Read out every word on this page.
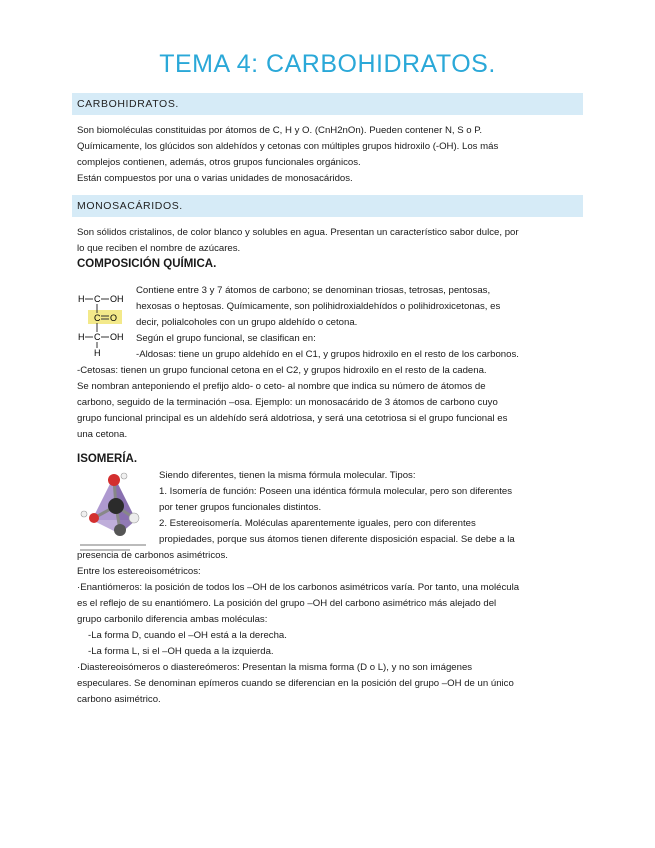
TEMA 4: CARBOHIDRATOS.
CARBOHIDRATOS.

Son biomoléculas constituidas por átomos de C, H y O. (CnH2nOn). Pueden contener N, S o P.

Químicamente, los glúcidos son aldehídos y cetonas con múltiples grupos hidroxilo (-OH). Los más

complejos contienen, además, otros grupos funcionales orgánicos.

Están compuestos por una o varias unidades de monosacáridos.

MONOSACÁRIDOS.

Son sólidos cristalinos, de color blanco y solubles en agua. Presentan un característico sabor dulce, por

lo que reciben el nombre de azúcares.

COMPOSICIÓN QUÍMICA.
H C OH
C O
H C OH
H

Contiene entre 3 y 7 átomos de carbono; se denominan triosas, tetrosas, pentosas,

hexosas o heptosas. Químicamente, son polihidroxialdehídos o polihidroxicetonas, es

decir, polialcoholes con un grupo aldehído o cetona.

Según el grupo funcional, se clasifican en:

-Aldosas: tiene un grupo aldehído en el C1, y grupos hidroxilo en el resto de los carbonos.

-Cetosas: tienen un grupo funcional cetona en el C2, y grupos hidroxilo en el resto de la cadena.

Se nombran anteponiendo el prefijo aldo- o ceto- al nombre que indica su número de átomos de

carbono, seguido de la terminación –osa. Ejemplo: un monosacárido de 3 átomos de carbono cuyo

grupo funcional principal es un aldehído será aldotriosa, y será una cetotriosa si el grupo funcional es

una cetona.

ISOMERÍA.

Siendo diferentes, tienen la misma fórmula molecular. Tipos:

1. Isomería de función: Poseen una idéntica fórmula molecular, pero son diferentes

por tener grupos funcionales distintos.

2. Estereoisomería. Moléculas aparentemente iguales, pero con diferentes

propiedades, porque sus átomos tienen diferente disposición espacial. Se debe a la

presencia de carbonos asimétricos.

Entre los estereoisométricos:

·Enantiómeros: la posición de todos los –OH de los carbonos asimétricos varía. Por tanto, una molécula

es el reflejo de su enantiómero. La posición del grupo –OH del carbono asimétrico más alejado del

grupo carbonilo diferencia ambas moléculas:

-La forma D, cuando el –OH está a la derecha.

-La forma L, si el –OH queda a la izquierda.

·Diastereoisómeros o diastereómeros: Presentan la misma forma (D o L), y no son imágenes

especulares. Se denominan epímeros cuando se diferencian en la posición del grupo –OH de un único

carbono asimétrico.
